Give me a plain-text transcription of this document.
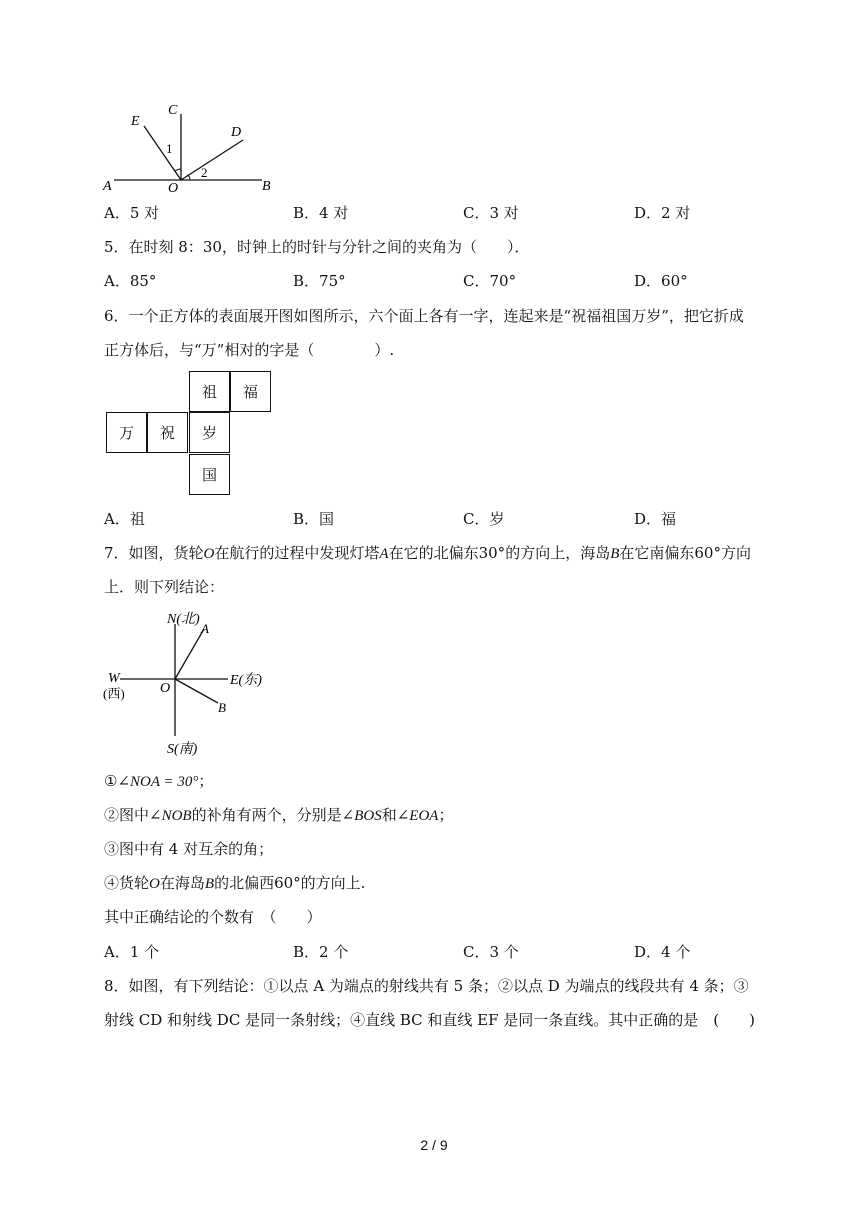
E
C
D
1
2
A	O	B
A．5 对	B．4 对	C．3 对	D．2 对
5．在时刻 8：30，时钟上的时针与分针之间的夹角为（　　）．
A．85°	B．75°	C．70°	D．60°
6．一个正方体的表面展开图如图所示，六个面上各有一字，连起来是“祝福祖国万岁”，把它折成
正方体后，与“万”相对的字是（　　　　）.
祖	福
万	祝	岁
国
A．祖	B．国	C．岁	D．福
7．如图，货轮O在航行的过程中发现灯塔A在它的北偏东30°的方向上，海岛B在它南偏东60°方向
上．则下列结论：
N(北)
A
W
(西)	O
E(东)
B
S(南)
①∠NOA = 30°；
②图中∠NOB的补角有两个，分别是∠BOS和∠EOA；
③图中有 4 对互余的角；
④货轮O在海岛B的北偏西60°的方向上.
其中正确结论的个数有　（　　）
A．1 个	B．2 个	C．3 个	D．4 个
8．如图，有下列结论：①以点 A 为端点的射线共有 5 条；②以点 D 为端点的线段共有 4 条；③
射线 CD 和射线 DC 是同一条射线；④直线 BC 和直线 EF 是同一条直线。其中正确的是　(　　)
2 / 9
